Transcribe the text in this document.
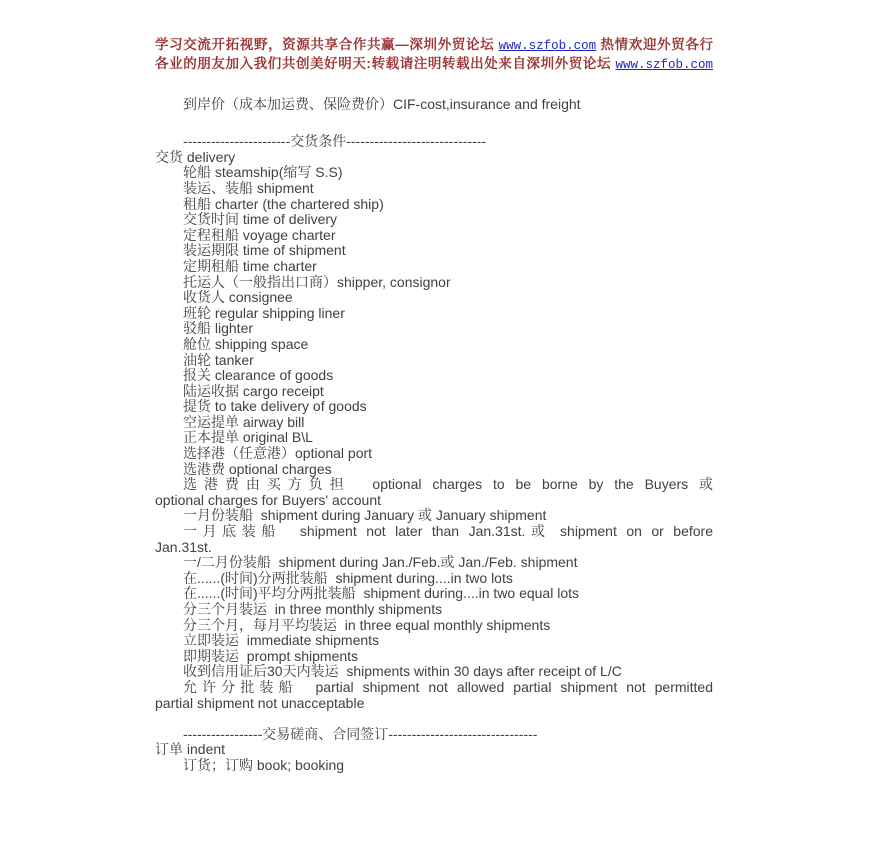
学习交流开拓视野，资源共享合作共赢—深圳外贸论坛 www.szfob.com 热情欢迎外贸各行
各业的朋友加入我们共创美好明天:转载请注明转载出处来自深圳外贸论坛 www.szfob.com

到岸价（成本加运费、保险费价）CIF-cost,insurance and freight

-----------------------交货条件------------------------------

交货 delivery

轮船 steamship(缩写 S.S)

装运、装船 shipment

租船 charter (the chartered ship)

交货时间 time of delivery

定程租船 voyage charter

装运期限 time of shipment

定期租船 time charter

托运人（一般指出口商）shipper, consignor

收货人 consignee

班轮 regular shipping liner

驳船 lighter

舱位 shipping space

油轮 tanker

报关 clearance of goods

陆运收据 cargo receipt

提货 to take delivery of goods

空运提单 airway bill

正本提单 original B\L

选择港（任意港）optional port

选港费 optional charges

选港费由买方负担  optional charges to be borne by the Buyers 或

optional charges for Buyers' account

一月份装船  shipment during January 或 January shipment

一月底装船  shipment not later than Jan.31st.或 shipment on or before

Jan.31st.

一/二月份装船  shipment during Jan./Feb.或 Jan./Feb. shipment

在......(时间)分两批装船  shipment during....in two lots

在......(时间)平均分两批装船  shipment during....in two equal lots

分三个月装运  in three monthly shipments

分三个月，每月平均装运  in three equal monthly shipments

立即装运  immediate shipments

即期装运  prompt shipments

收到信用证后30天内装运  shipments within 30 days after receipt of L/C

允许分批装船  partial shipment not allowed partial shipment not permitted

partial shipment not unacceptable

-----------------交易磋商、合同签订--------------------------------

订单 indent

订货；订购 book; booking
